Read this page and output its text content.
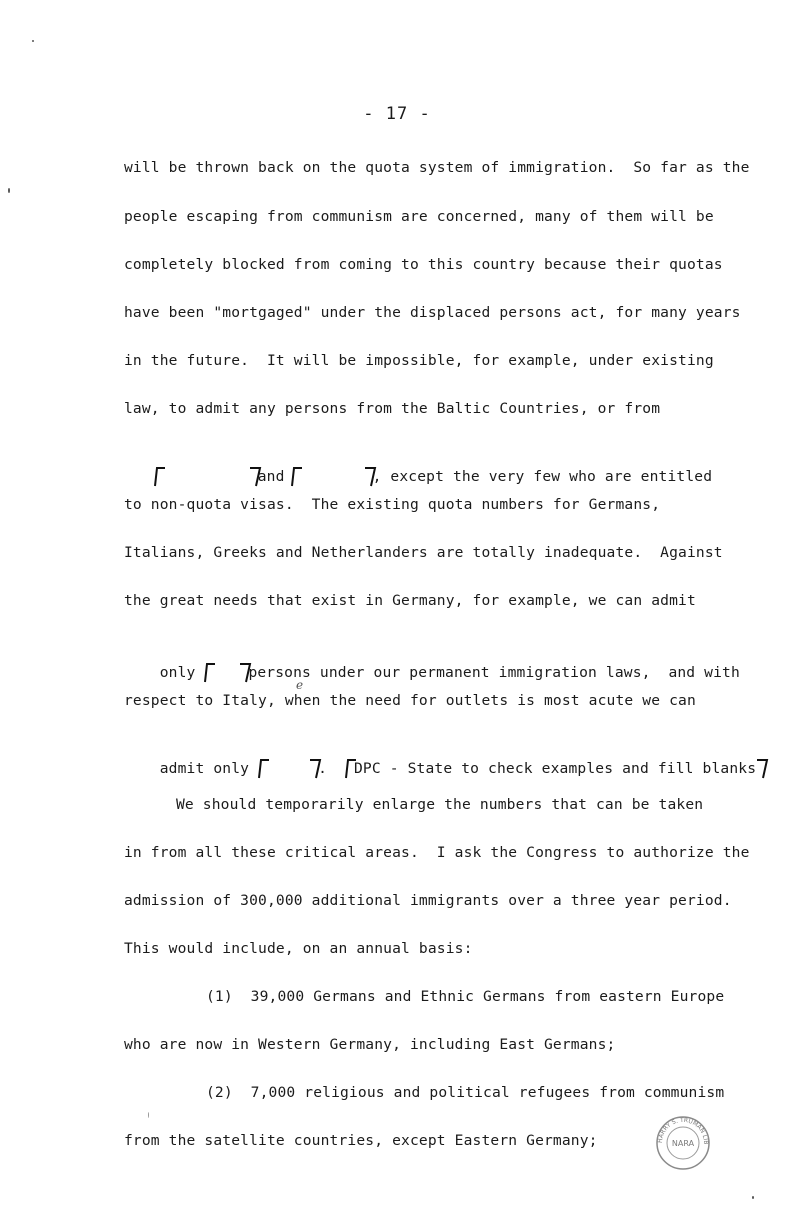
- 17 -
will be thrown back on the quota system of immigration.  So far as the
people escaping from communism are concerned, many of them will be
completely blocked from coming to this country because their quotas
have been "mortgaged" under the displaced persons act, for many years
in the future.  It will be impossible, for example, under existing
law, to admit any persons from the Baltic Countries, or from

and	, except the very few who are entitled

to non-quota visas.  The existing quota numbers for Germans,
Italians, Greeks and Netherlanders are totally inadequate.  Against
the great needs that exist in Germany, for example, we can admit

only	persons under our permanent immigration laws,  and with

respect to Italy, when the need for outlets is most acute we can
e

admit only	. DPC - State to check examples and fill blanks

We should temporarily enlarge the numbers that can be taken
in from all these critical areas.  I ask the Congress to authorize the
admission of 300,000 additional immigrants over a three year period.
This would include, on an annual basis:
(1)  39,000 Germans and Ethnic Germans from eastern Europe
who are now in Western Germany, including East Germans;
(2)  7,000 religious and political refugees from communism
from the satellite countries, except Eastern Germany;	HARRY S. TRUMAN LIB
NARA
